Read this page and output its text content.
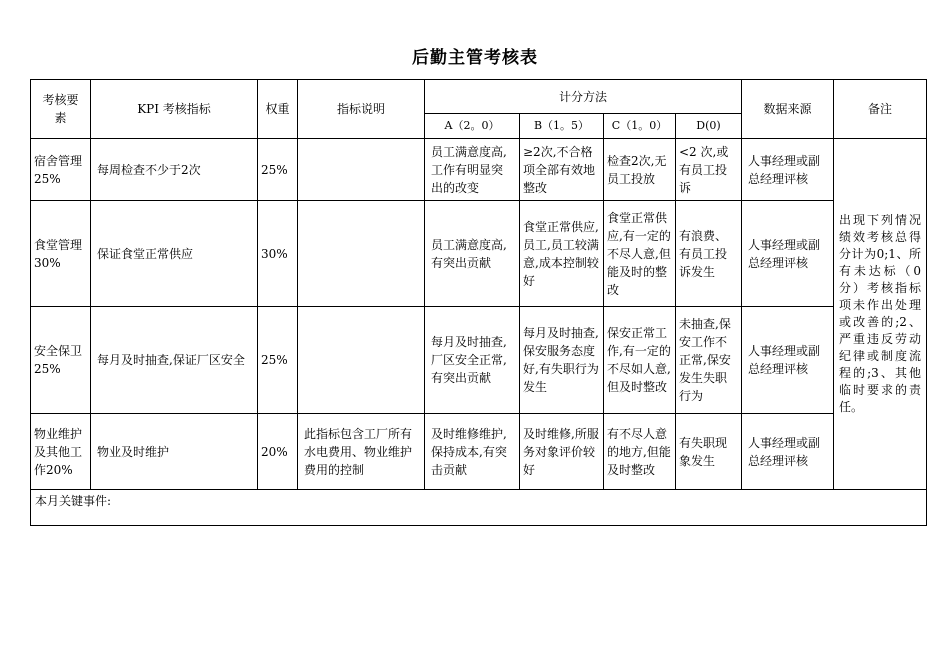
后勤主管考核表
考核要素	KPI 考核指标	权重	指标说明	计分方法				数据来源	备注
				A（2。0）	B（1。5）	C（1。0）	D(0)		
宿舍管理25%	每周检查不少于2次	25%		员工满意度高,工作有明显突出的改变	≥2次,不合格项全部有效地整改	检查2次,无员工投放	<2 次,或有员工投诉	人事经理或副总经理评核	出现下列情况绩效考核总得分计为0;1、所有未达标（0 分）考核指标项未作出处理或改善的;2、严重违反劳动纪律或制度流程的;3、其他临时要求的责任。
食堂管理30%	保证食堂正常供应	30%		员工满意度高,有突出贡献	食堂正常供应,员工,员工较满意,成本控制较好	食堂正常供应,有一定的不尽人意,但能及时的整改	有浪费、有员工投诉发生	人事经理或副总经理评核	
安全保卫25%	每月及时抽查,保证厂区安全	25%		每月及时抽查,厂区安全正常,有突出贡献	每月及时抽查,保安服务态度好,有失职行为发生	保安正常工作,有一定的不尽如人意,但及时整改	未抽查,保安工作不正常,保安发生失职行为	人事经理或副总经理评核	
物业维护及其他工作20%	物业及时维护	20%	此指标包含工厂所有水电费用、物业维护费用的控制	及时维修维护,保持成本,有突击贡献	及时维修,所服务对象评价较好	有不尽人意的地方,但能及时整改	有失职现象发生	人事经理或副总经理评核	
本月关键事件:									
